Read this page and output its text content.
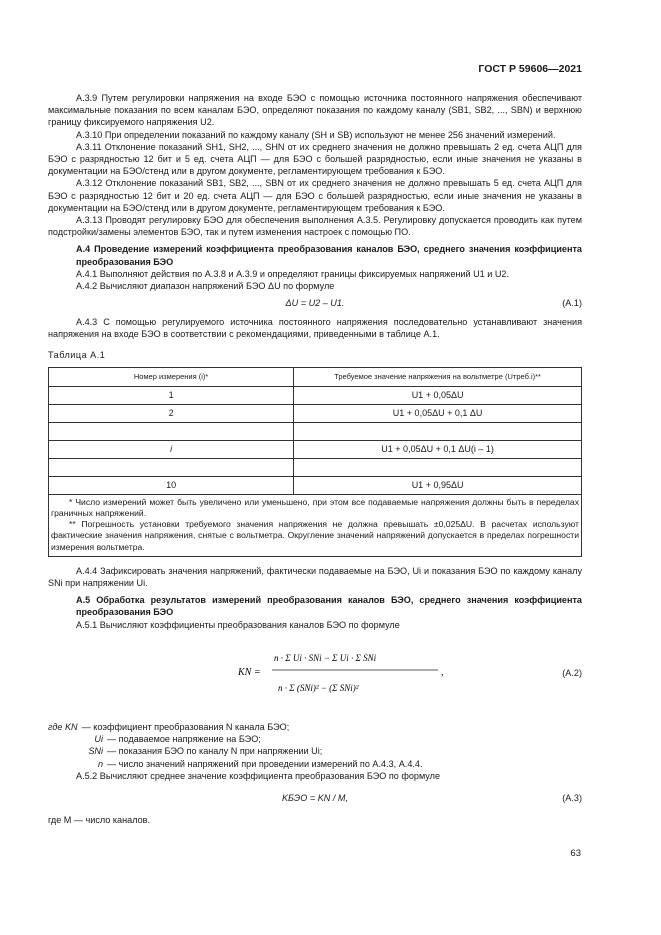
ГОСТ Р 59606—2021

А.3.9 Путем регулировки напряжения на входе БЭО с помощью источника постоянного напряжения обеспечивают максимальные показания по всем каналам БЭО, определяют показания по каждому каналу (SB1, SB2, ..., SBN) и верхнюю границу фиксируемого напряжения U2.

А.3.10 При определении показаний по каждому каналу (SH и SB) используют не менее 256 значений измерений.

А.3.11 Отклонение показаний SH1, SH2, ..., SHN от их среднего значения не должно превышать 2 ед. счета АЦП для БЭО с разрядностью 12 бит и 5 ед. счета АЦП — для БЭО с большей разрядностью, если иные значения не указаны в документации на БЭО/стенд или в другом документе, регламентирующем требования к БЭО.

А.3.12 Отклонение показаний SB1, SB2, ..., SBN от их среднего значения не должно превышать 5 ед. счета АЦП для БЭО с разрядностью 12 бит и 20 ед. счета АЦП — для БЭО с большей разрядностью, если иные значения не указаны в документации на БЭО/стенд или в другом документе, регламентирующем требования к БЭО.

А.3.13 Проводят регулировку БЭО для обеспечения выполнения А.3.5. Регулировку допускается проводить как путем подстройки/замены элементов БЭО, так и путем изменения настроек с помощью ПО.

А.4 Проведение измерений коэффициента преобразования каналов БЭО, среднего значения коэффициента преобразования БЭО

А.4.1 Выполняют действия по А.3.8 и А.3.9 и определяют границы фиксируемых напряжений U1 и U2.

А.4.2 Вычисляют диапазон напряжений БЭО ΔU по формуле

ΔU = U2 – U1.	(А.1)

А.4.3 С помощью регулируемого источника постоянного напряжения последовательно устанавливают значения напряжения на входе БЭО в соответствии с рекомендациями, приведенными в таблице А.1.

Таблица А.1

Номер измерения (i)*	Требуемое значение напряжения на вольтметре (Uтреб.i)**
1	U1 + 0,05ΔU
2	U1 + 0,05ΔU + 0,1 ΔU

i	U1 + 0,05ΔU + 0,1 ΔU(i – 1)

10	U1 + 0,95ΔU

* Число измерений может быть увеличено или уменьшено, при этом все подаваемые напряжения должны быть в переделах граничных напряжений.

** Погрешность установки требуемого значения напряжения не должна превышать ±0,025ΔU. В расчетах используют фактические значения напряжения, снятые с вольтметра. Округление значений напряжений допускается в пределах погрешности измерения вольтметра.	

А.4.4 Зафиксировать значения напряжений, фактически подаваемые на БЭО, Ui и показания БЭО по каждому каналу SNi при напряжении Ui.

А.5 Обработка результатов измерений преобразования каналов БЭО, среднего значения коэффициента преобразования БЭО

А.5.1 Вычисляют коэффициенты преобразования каналов БЭО по формуле

KN =
n · Σ Ui · SNi − Σ Ui · Σ SNi
n · Σ (SNi)² − (Σ SNi)²
,	(А.2)
где KN — коэффициент преобразования N канала БЭО;
Ui — подаваемое напряжение на БЭО;
SNi — показания БЭО по каналу N при напряжении Ui;
n — число значений напряжений при проведении измерений по А.4.3, А.4.4.

А.5.2 Вычисляют среднее значение коэффициента преобразования БЭО по формуле

KБЭО = KN / M,	(А.3)

где M — число каналов.

63
